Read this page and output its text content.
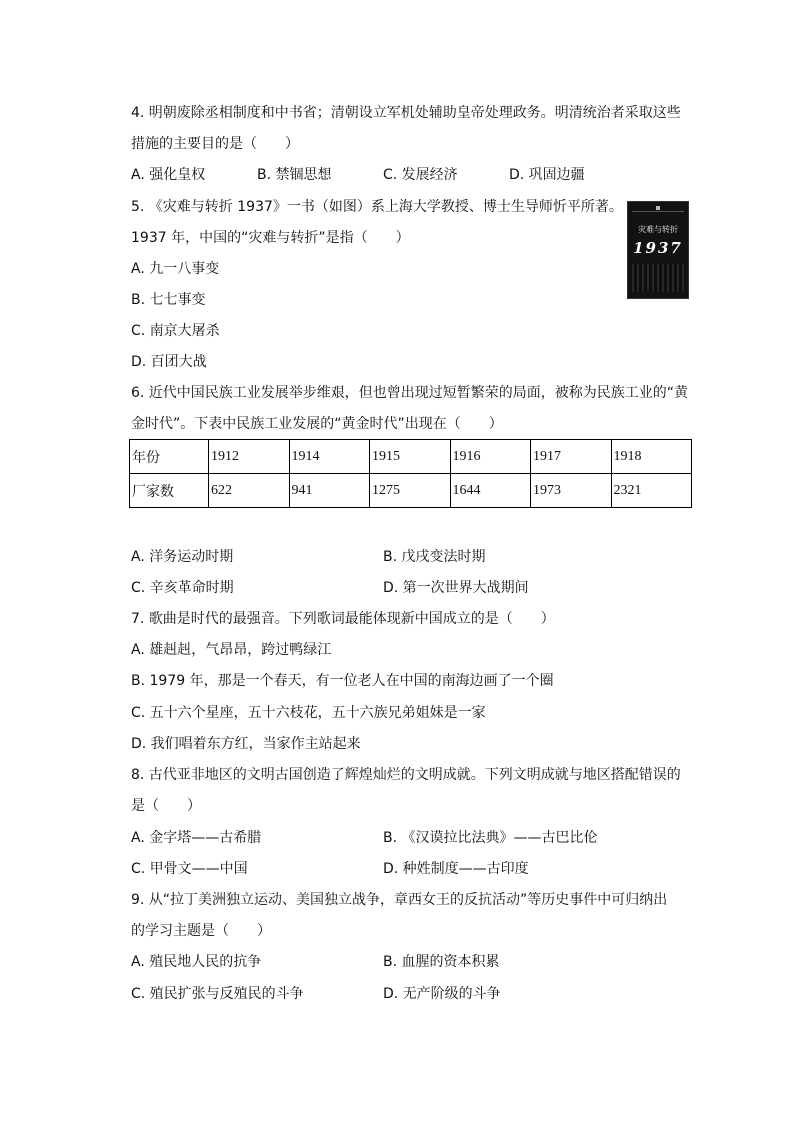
4. 明朝废除丞相制度和中书省；清朝设立军机处辅助皇帝处理政务。明清统治者采取这些
措施的主要目的是（　　）
A. 强化皇权	B. 禁锢思想	C. 发展经济	D. 巩固边疆
5. 《灾难与转折 1937》一书（如图）系上海大学教授、博士生导师忻平所著。
1937 年，中国的“灾难与转折”是指（　　）
A. 九一八事变
B. 七七事变
C. 南京大屠杀
D. 百团大战
灾难与转折
1937
6. 近代中国民族工业发展举步维艰，但也曾出现过短暂繁荣的局面，被称为民族工业的“黄
金时代”。下表中民族工业发展的“黄金时代”出现在（　　）
年份	1912	1914	1915	1916	1917	1918
厂家数	622	941	1275	1644	1973	2321
A. 洋务运动时期	B. 戊戌变法时期
C. 辛亥革命时期	D. 第一次世界大战期间
7. 歌曲是时代的最强音。下列歌词最能体现新中国成立的是（　　）
A. 雄赳赳，气昂昂，跨过鸭绿江
B. 1979 年，那是一个春天，有一位老人在中国的南海边画了一个圈
C. 五十六个星座，五十六枝花，五十六族兄弟姐妹是一家
D. 我们唱着东方红，当家作主站起来
8. 古代亚非地区的文明古国创造了辉煌灿烂的文明成就。下列文明成就与地区搭配错误的
是（　　）
A. 金字塔——古希腊	B. 《汉谟拉比法典》——古巴比伦
C. 甲骨文——中国	D. 种姓制度——古印度
9. 从“拉丁美洲独立运动、美国独立战争，章西女王的反抗活动”等历史事件中可归纳出
的学习主题是（　　）
A. 殖民地人民的抗争	B. 血腥的资本积累
C. 殖民扩张与反殖民的斗争	D. 无产阶级的斗争
